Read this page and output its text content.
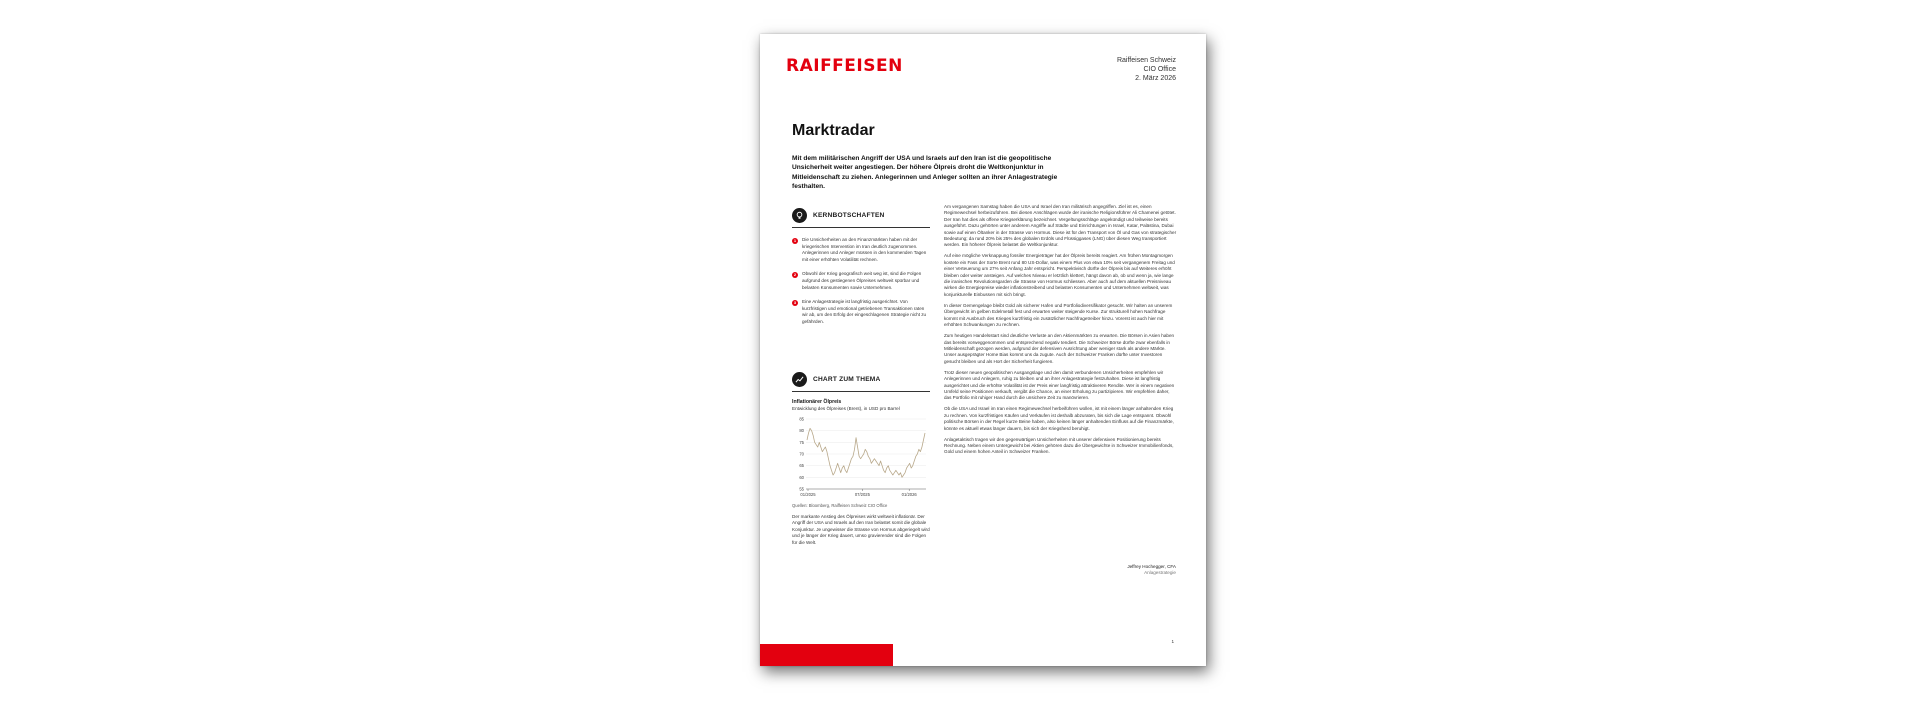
RAIFFEISEN	Raiffeisen Schweiz
CIO Office
2. März 2026
Marktradar
Mit dem militärischen Angriff der USA und Israels auf den Iran ist die geopolitische Unsicherheit weiter angestiegen. Der höhere Ölpreis droht die Weltkonjunktur in Mitleidenschaft zu ziehen. Anlegerinnen und Anleger sollten an ihrer Anlagestrategie festhalten.
KERNBOTSCHAFTEN
1	Die Unsicherheiten an den Finanzmärkten haben mit der kriegerischen Intervention im Iran deutlich zugenommen. Anlegerinnen und Anleger müssen in den kommenden Tagen mit einer erhöhten Volatilität rechnen.
2	Obwohl der Krieg geografisch weit weg ist, sind die Folgen aufgrund des gestiegenen Ölpreises weltweit spürbar und belasten Konsumenten sowie Unternehmen.
3	Eine Anlagestrategie ist langfristig ausgerichtet. Von kurzfristigen und emotional getriebenen Transaktionen raten wir ab, um den Erfolg der eingeschlagenen Strategie nicht zu gefährden.
CHART ZUM THEMA
Inflationärer Ölpreis
Entwicklung des Ölpreises (Brent), in USD pro Barrel
85
80
75
70
65
60
55
01/2025	07/2025	01/2026
Quellen: Bloomberg, Raiffeisen Schweiz CIO Office
Der markante Anstieg des Ölpreises wirkt weltweit inflationär. Der Angriff der USA und Israels auf den Iran belastet somit die globale Konjunktur. Je ungewisser die Strasse von Hormus abgeriegelt wird und je länger der Krieg dauert, umso gravierender sind die Folgen für die Welt.

Am vergangenen Samstag haben die USA und Israel den Iran militärisch angegriffen. Ziel ist es, einen Regimewechsel herbeizuführen. Bei diesen Anschlägen wurde der iranische Religionsführer Ali Chamenei getötet. Der Iran hat dies als offene Kriegserklärung bezeichnet. Vergeltungsschläge angekündigt und teilweise bereits ausgeführt. Dazu gehörten unter anderem Angriffe auf Städte und Einrichtungen in Israel, Katar, Palästina, Dubai sowie auf einen Öltanker in der Strasse von Hormus. Diese ist für den Transport von Öl und Gas von strategischer Bedeutung; da rund 20% bis 25% des globalen Erdöls und Flüssiggases (LNG) über diesen Weg transportiert werden. Ein höherer Ölpreis belastet die Weltkonjunktur.

Auf eine mögliche Verknappung fossiler Energieträger hat der Ölpreis bereits reagiert. Am frühen Montagmorgen kostete ein Fass der Sorte Brent rund 80 US-Dollar, was einem Plus von etwa 10% seit vergangenem Freitag und einer Verteuerung um 27% seit Anfang Jahr entspricht. Perspektivisch dürfte der Ölpreis bis auf Weiteres erhöht bleiben oder weiter ansteigen. Auf welches Niveau er letztlich klettert, hängt davon ab, ob und wenn ja, wie lange die iranischen Revolutionsgarden die Strasse von Hormus schliessen. Aber auch auf dem aktuellen Preisniveau wirken die Energiepreise wieder inflationstreibend und belasten Konsumenten und Unternehmen weltweit, was konjunkturelle Einbussen mit sich bringt.

In dieser Gemengelage bleibt Gold als sicherer Hafen und Portfoliodiversifikator gesucht. Wir halten an unserem Übergewicht im gelben Edelmetall fest und erwarten weiter steigende Kurse. Zur strukturell hohen Nachfrage kommt mit Ausbruch des Krieges kurzfristig ein zusätzlicher Nachfragetreiber hinzu. Vorerst ist auch hier mit erhöhten Schwankungen zu rechnen.

Zum heutigen Handelsstart sind deutliche Verluste an den Aktienmärkten zu erwarten. Die Börsen in Asien haben das bereits vorweggenommen und entsprechend negativ tendiert. Die Schweizer Börse dürfte zwar ebenfalls in Mitleidenschaft gezogen werden, aufgrund der defensiven Ausrichtung aber weniger stark als andere Märkte. Unser ausgeprägter Home Bias kommt uns da zugute. Auch der Schweizer Franken dürfte unter Investoren gesucht bleiben und als Hort der Sicherheit fungieren.

Trotz dieser neuen geopolitischen Ausgangslage und den damit verbundenen Unsicherheiten empfehlen wir Anlegerinnen und Anlegern, ruhig zu bleiben und an ihrer Anlagestrategie festzuhalten. Diese ist langfristig ausgerichtet und die erhöhte Volatilität ist der Preis einer langfristig attraktiveren Rendite. Wer in einem negativen Umfeld seine Positionen verkauft, vergibt die Chance, an einer Erholung zu partizipieren. Wir empfehlen daher, das Portfolio mit ruhiger Hand durch die unsichere Zeit zu manövrieren.

Ob die USA und Israel im Iran einen Regimewechsel herbeiführen wollen, ist mit einem länger anhaltenden Krieg zu rechnen. Von kurzfristigen Käufen und Verkäufen ist deshalb abzuraten, bis sich die Lage entspannt. Obwohl politische Börsen in der Regel kurze Beine haben, also keinen länger anhaltenden Einfluss auf die Finanzmärkte, könnte es aktuell etwas länger dauern, bis sich der Kriegsherd beruhigt.

Anlagetaktisch tragen wir den gegenwärtigen Unsicherheiten mit unserer defensiven Positionierung bereits Rechnung. Neben einem Untergewicht bei Aktien gehören dazu die Übergewichte in Schweizer Immobilienfonds, Gold und einem hohen Anteil in Schweizer Franken.

Jeffrey Hochegger, CFA
Anlagestrategie
1
